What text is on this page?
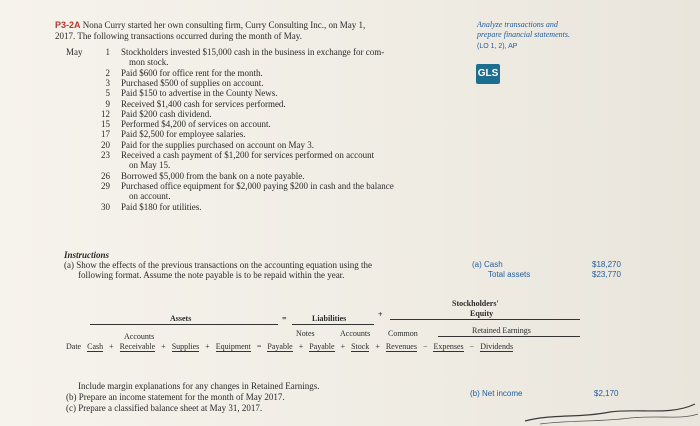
P3-2A Nona Curry started her own consulting firm, Curry Consulting Inc., on May 1,
2017. The following transactions occurred during the month of May.
Analyze transactions and
prepare financial statements.
(LO 1, 2), AP
GLS
May	1 Stockholders invested $15,000 cash in the business in exchange for com-
mon stock.
2 Paid $600 for office rent for the month.
3 Purchased $500 of supplies on account.
5 Paid $150 to advertise in the County News.
9 Received $1,400 cash for services performed.
12 Paid $200 cash dividend.
15 Performed $4,200 of services on account.
17 Paid $2,500 for employee salaries.
20 Paid for the supplies purchased on account on May 3.
23 Received a cash payment of $1,200 for services performed on account
on May 15.
26 Borrowed $5,000 from the bank on a note payable.
29 Purchased office equipment for $2,000 paying $200 in cash and the balance
on account.
30 Paid $180 for utilities.
Instructions
(a) Show the effects of the previous transactions on the accounting equation using the
following format. Assume the note payable is to be repaid within the year.
(a) Cash	$18,270
Total assets	$23,770
Assets	=	Liabilities	+
Stockholders'
Equity
Retained Earnings
Accounts	Notes	Accounts Common
Date Cash + Receivable + Supplies + Equipment = Payable + Payable + Stock + Revenues − Expenses − Dividends
Include margin explanations for any changes in Retained Earnings.
(b) Prepare an income statement for the month of May 2017.
(c) Prepare a classified balance sheet at May 31, 2017.
(b) Net income	$2,170
